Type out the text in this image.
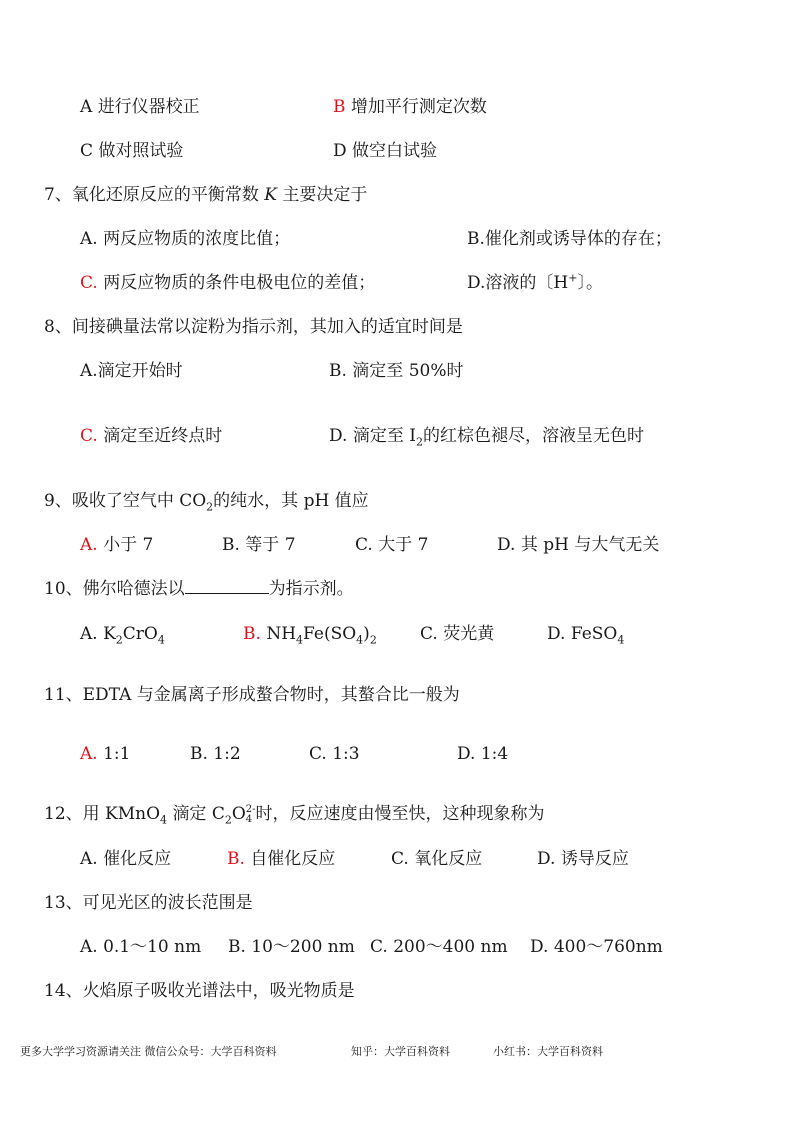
A 进行仪器校正	B 增加平行测定次数
C 做对照试验	D 做空白试验
7、氧化还原反应的平衡常数 K 主要决定于
A. 两反应物质的浓度比值；	B.催化剂或诱导体的存在；
C. 两反应物质的条件电极电位的差值；	D.溶液的〔H+〕。
8、间接碘量法常以淀粉为指示剂，其加入的适宜时间是
A.滴定开始时	B. 滴定至 50%时
C. 滴定至近终点时	D. 滴定至 $I_2$的红棕色褪尽，溶液呈无色时
9、吸收了空气中 $CO_2$的纯水，其 pH 值应
A. 小于 7	B. 等于 7	C. 大于 7	D. 其 pH 与大气无关
10、佛尔哈德法以	为指示剂。
A. $K_2CrO_4$	B. $NH_4Fe(SO_4)_2$	C. 荧光黄	D. FeSO$_4$
11、EDTA 与金属离子形成螯合物时，其螯合比一般为
A. 1:1	B. 1:2	C. 1:3	D. 1:4
12、用 KMnO$_4$ 滴定 $C_2O$ 2-
4 时，反应速度由慢至快，这种现象称为
A. 催化反应	B. 自催化反应	C. 氧化反应	D. 诱导反应
13、可见光区的波长范围是
A. 0.1～10 nm B. 10～200 nm C. 200～400 nm D. 400～760nm
14、火焰原子吸收光谱法中，吸光物质是
更多大学学习资源请关注 微信公众号：大学百科资料	知乎：大学百科资料	小红书：大学百科资料
